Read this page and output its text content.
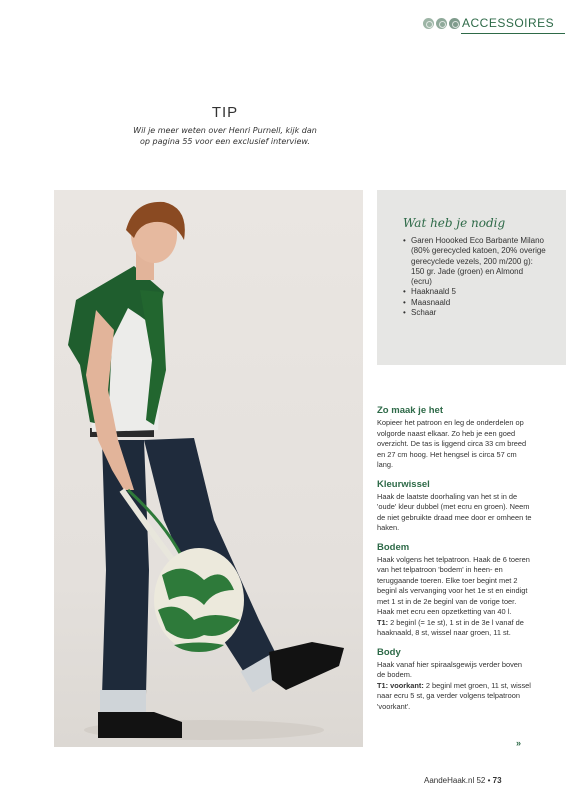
ACCESSOIRES
TIP
Wil je meer weten over Henri Purnell, kijk dan
op pagina 55 voor een exclusief interview.
Wat heb je nodig
• Garen Hoooked Eco Barbante Milano (80% gerecycled katoen, 20% overige gerecyclede vezels, 200 m/200 g): 150 gr. Jade (groen) en Almond (ecru)
• Haaknaald 5
• Maasnaald
• Schaar
Zo maak je het
Kopieer het patroon en leg de onderdelen op volgorde naast elkaar. Zo heb je een goed overzicht. De tas is liggend circa 33 cm breed en 27 cm hoog. Het hengsel is circa 57 cm lang.
Kleurwissel
Haak de laatste doorhaling van het st in de 'oude' kleur dubbel (met ecru en groen). Neem de niet gebruikte draad mee door er omheen te haken.
Bodem
Haak volgens het telpatroon. Haak de 6 toeren van het telpatroon 'bodem' in heen- en teruggaande toeren. Elke toer begint met 2 beginl als vervanging voor het 1e st en eindigt met 1 st in de 2e beginl van de vorige toer. Haak met ecru een opzetketting van 40 l.
T1: 2 beginl (= 1e st), 1 st in de 3e l vanaf de haaknaald, 8 st, wissel naar groen, 11 st.
Body
Haak vanaf hier spiraalsgewijs verder boven de bodem.
T1: voorkant: 2 beginl met groen, 11 st, wissel naar ecru 5 st, ga verder volgens telpatroon 'voorkant'.
»
AandeHaak.nl 52 • 73
